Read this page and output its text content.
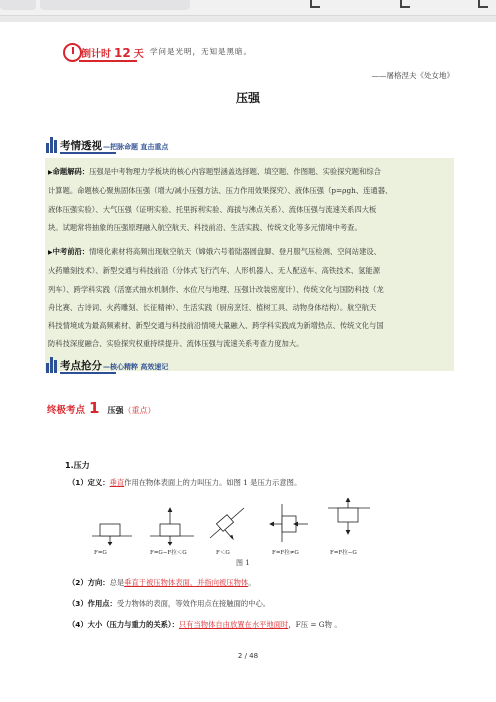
倒计时 12 天 学问是光明，无知是黑暗。
——屠格涅夫《处女地》
压强
考情透视—把脉命题 直击重点
▶命题解码：压强是中考物理力学板块的核心内容题型涵盖选择题、填空题、作图题、实验探究题和综合
计算题。命题核心聚焦固体压强（增大/减小压强方法、压力作用效果探究）、液体压强（p=ρgh、连通器、
液体压强实验）、大气压强（证明实验、托里拆利实验、海拔与沸点关系）、流体压强与流速关系四大板
块。试题常将抽象的压强原理融入航空航天、科技前沿、生活实践、传统文化等多元情境中考查。
▶中考前沿：情境化素材将高频出现航空航天（嫦娥六号着陆器圆盘脚、登月服气压检测、空间站建设、
火药雕刻技术）、新型交通与科技前沿（分体式飞行汽车、人形机器人、无人配送车、高铁技术、氢能源
列车）、跨学科实践（活塞式抽水机制作、水位尺与地理、压强计改装密度计）、传统文化与国防科技（龙
舟比赛、古诗词、火药雕刻、长征精神）、生活实践（厨房烹饪、植树工具、动物身体结构）。航空航天
科技情境成为最高频素材、新型交通与科技前沿情境大量融入、跨学科实践成为新增热点、传统文化与国
防科技深度融合、实验探究权重持续提升、流体压强与流速关系考查力度加大。
考点抢分—核心精粹 高效速记
终极考点 1 压强（重点）
1.压力
（1）定义：垂直作用在物体表面上的力叫压力。如图 1 是压力示意图。
F=G	F=G−F拉＜G	F＜G	F=F拉≠G	F=F拉−G
图 1
（2）方向：总是垂直于被压物体表面，并指向被压物体。
（3）作用点：受力物体的表面，等效作用点在接触面的中心。
（4）大小（压力与重力的关系）：只有当物体自由放置在水平地面时，F压 = G物 。
2 / 48
